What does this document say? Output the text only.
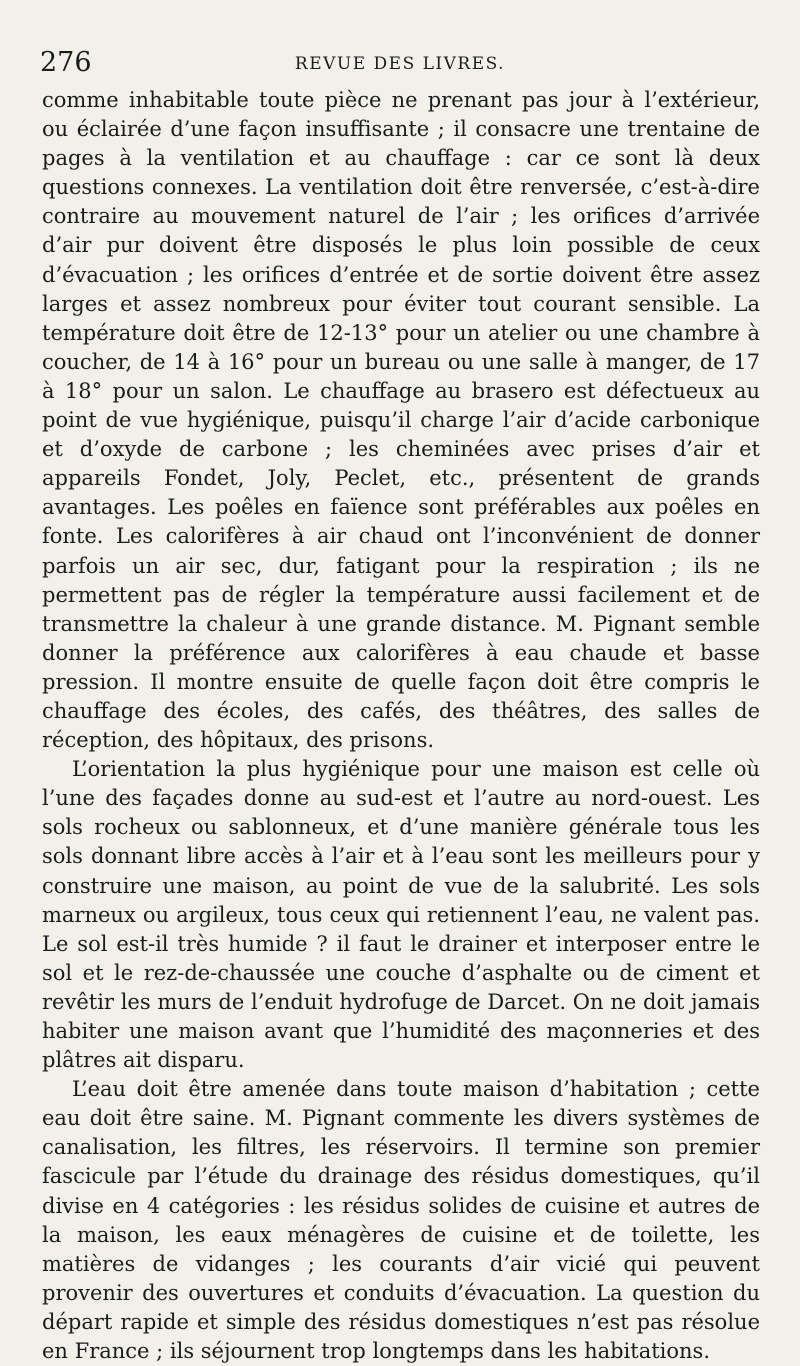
276	REVUE DES LIVRES.

comme inhabitable toute pièce ne prenant pas jour à l’extérieur, ou éclairée d’une façon insuffisante ; il consacre une trentaine de pages à la ventilation et au chauffage : car ce sont là deux questions connexes. La ventilation doit être renversée, c’est-à-dire contraire au mouvement naturel de l’air ; les orifices d’arrivée d’air pur doivent être disposés le plus loin possible de ceux d’évacuation ; les orifices d’entrée et de sortie doivent être assez larges et assez nombreux pour éviter tout courant sensible. La température doit être de 12-13° pour un atelier ou une chambre à coucher, de 14 à 16° pour un bureau ou une salle à manger, de 17 à 18° pour un salon. Le chauffage au brasero est défectueux au point de vue hygiénique, puisqu’il charge l’air d’acide carbonique et d’oxyde de carbone ; les cheminées avec prises d’air et appareils Fondet, Joly, Peclet, etc., présentent de grands avantages. Les poêles en faïence sont préférables aux poêles en fonte. Les calorifères à air chaud ont l’inconvénient de donner parfois un air sec, dur, fatigant pour la respiration ; ils ne permettent pas de régler la température aussi facilement et de transmettre la chaleur à une grande distance. M. Pignant semble donner la préférence aux calorifères à eau chaude et basse pression. Il montre ensuite de quelle façon doit être compris le chauffage des écoles, des cafés, des théâtres, des salles de réception, des hôpitaux, des prisons.

L’orientation la plus hygiénique pour une maison est celle où l’une des façades donne au sud-est et l’autre au nord-ouest. Les sols rocheux ou sablonneux, et d’une manière générale tous les sols donnant libre accès à l’air et à l’eau sont les meilleurs pour y construire une maison, au point de vue de la salubrité. Les sols marneux ou argileux, tous ceux qui retiennent l’eau, ne valent pas. Le sol est-il très humide ? il faut le drainer et interposer entre le sol et le rez-de-chaussée une couche d’asphalte ou de ciment et revêtir les murs de l’enduit hydrofuge de Darcet. On ne doit jamais habiter une maison avant que l’humidité des maçonneries et des plâtres ait disparu.

L’eau doit être amenée dans toute maison d’habitation ; cette eau doit être saine. M. Pignant commente les divers systèmes de canalisation, les filtres, les réservoirs. Il termine son premier fascicule par l’étude du drainage des résidus domestiques, qu’il divise en 4 catégories : les résidus solides de cuisine et autres de la maison, les eaux ménagères de cuisine et de toilette, les matières de vidanges ; les courants d’air vicié qui peuvent provenir des ouvertures et conduits d’évacuation. La question du départ rapide et simple des résidus domestiques n’est pas résolue en France ; ils séjournent trop longtemps dans les habitations.
